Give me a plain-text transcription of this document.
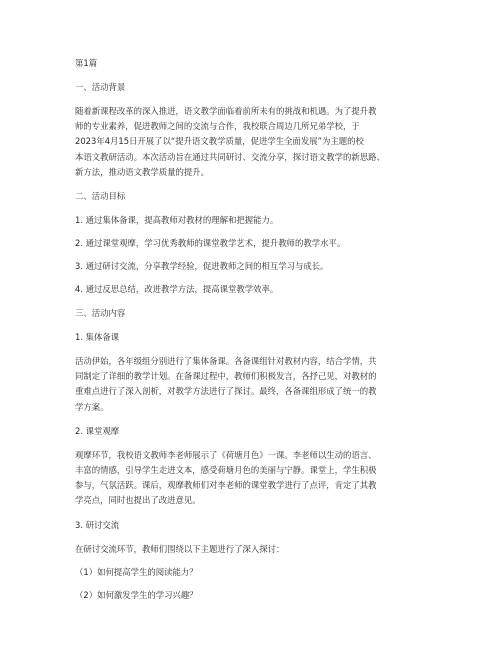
第1篇
一、活动背景
随着新课程改革的深入推进，语文教学面临着前所未有的挑战和机遇。为了提升教
师的专业素养，促进教师之间的交流与合作，我校联合周边几所兄弟学校，于
2023年4月15日开展了以“提升语文教学质量，促进学生全面发展”为主题的校
本语文教研活动。本次活动旨在通过共同研讨、交流分享，探讨语文教学的新思路、
新方法，推动语文教学质量的提升。
二、活动目标
1. 通过集体备课，提高教师对教材的理解和把握能力。
2. 通过课堂观摩，学习优秀教师的课堂教学艺术，提升教师的教学水平。
3. 通过研讨交流，分享教学经验，促进教师之间的相互学习与成长。
4. 通过反思总结，改进教学方法，提高课堂教学效率。
三、活动内容
1. 集体备课
活动伊始，各年级组分别进行了集体备课。各备课组针对教材内容，结合学情，共
同制定了详细的教学计划。在备课过程中，教师们积极发言，各抒己见，对教材的
重难点进行了深入剖析，对教学方法进行了探讨。最终，各备课组形成了统一的教
学方案。
2. 课堂观摩
观摩环节，我校语文教师李老师展示了《荷塘月色》一课。李老师以生动的语言、
丰富的情感，引导学生走进文本，感受荷塘月色的美丽与宁静。课堂上，学生积极
参与，气氛活跃。课后，观摩教师们对李老师的课堂教学进行了点评，肯定了其教
学亮点，同时也提出了改进意见。
3. 研讨交流
在研讨交流环节，教师们围绕以下主题进行了深入探讨：
（1）如何提高学生的阅读能力？
（2）如何激发学生的学习兴趣？
